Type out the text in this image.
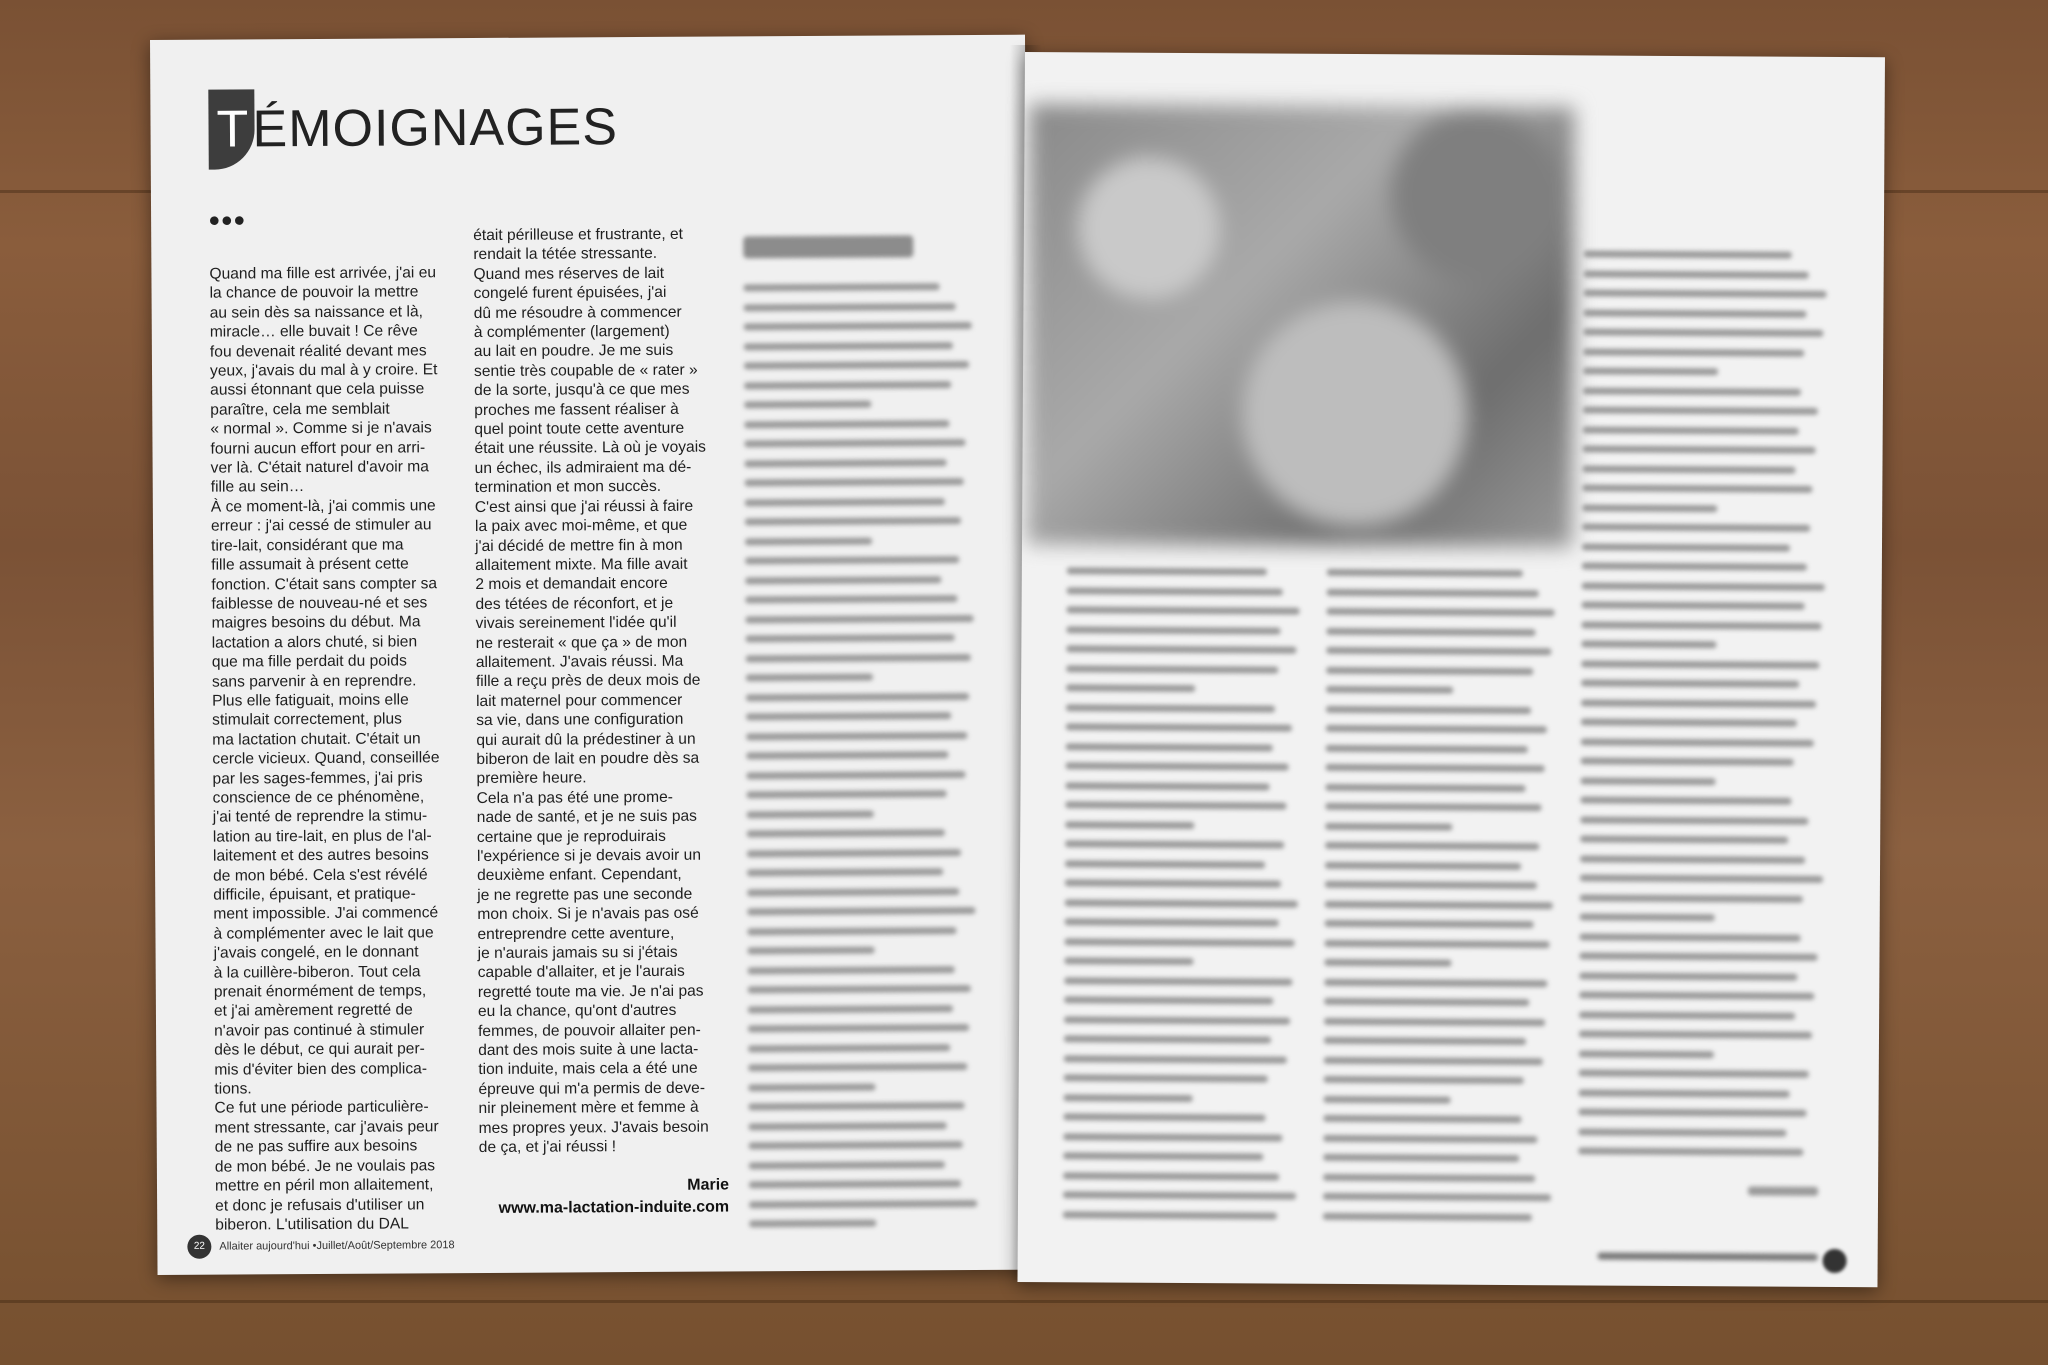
T ÉMOIGNAGES
•••

Quand ma fille est arrivée, j'ai eu

la chance de pouvoir la mettre

au sein dès sa naissance et là,

miracle… elle buvait ! Ce rêve

fou devenait réalité devant mes

yeux, j'avais du mal à y croire. Et

aussi étonnant que cela puisse

paraître, cela me semblait

« normal ». Comme si je n'avais

fourni aucun effort pour en arri-

ver là. C'était naturel d'avoir ma

fille au sein…

À ce moment-là, j'ai commis une

erreur : j'ai cessé de stimuler au

tire-lait, considérant que ma

fille assumait à présent cette

fonction. C'était sans compter sa

faiblesse de nouveau-né et ses

maigres besoins du début. Ma

lactation a alors chuté, si bien

que ma fille perdait du poids

sans parvenir à en reprendre.

Plus elle fatiguait, moins elle

stimulait correctement, plus

ma lactation chutait. C'était un

cercle vicieux. Quand, conseillée

par les sages-femmes, j'ai pris

conscience de ce phénomène,

j'ai tenté de reprendre la stimu-

lation au tire-lait, en plus de l'al-

laitement et des autres besoins

de mon bébé. Cela s'est révélé

difficile, épuisant, et pratique-

ment impossible. J'ai commencé

à complémenter avec le lait que

j'avais congelé, en le donnant

à la cuillère-biberon. Tout cela

prenait énormément de temps,

et j'ai amèrement regretté de

n'avoir pas continué à stimuler

dès le début, ce qui aurait per-

mis d'éviter bien des complica-

tions.

Ce fut une période particulière-

ment stressante, car j'avais peur

de ne pas suffire aux besoins

de mon bébé. Je ne voulais pas

mettre en péril mon allaitement,

et donc je refusais d'utiliser un

biberon. L'utilisation du DAL

était périlleuse et frustrante, et

rendait la tétée stressante.

Quand mes réserves de lait

congelé furent épuisées, j'ai

dû me résoudre à commencer

à complémenter (largement)

au lait en poudre. Je me suis

sentie très coupable de « rater »

de la sorte, jusqu'à ce que mes

proches me fassent réaliser à

quel point toute cette aventure

était une réussite. Là où je voyais

un échec, ils admiraient ma dé-

termination et mon succès.

C'est ainsi que j'ai réussi à faire

la paix avec moi-même, et que

j'ai décidé de mettre fin à mon

allaitement mixte. Ma fille avait

2 mois et demandait encore

des tétées de réconfort, et je

vivais sereinement l'idée qu'il

ne resterait « que ça » de mon

allaitement. J'avais réussi. Ma

fille a reçu près de deux mois de

lait maternel pour commencer

sa vie, dans une configuration

qui aurait dû la prédestiner à un

biberon de lait en poudre dès sa

première heure.

Cela n'a pas été une prome-

nade de santé, et je ne suis pas

certaine que je reproduirais

l'expérience si je devais avoir un

deuxième enfant. Cependant,

je ne regrette pas une seconde

mon choix. Si je n'avais pas osé

entreprendre cette aventure,

je n'aurais jamais su si j'étais

capable d'allaiter, et je l'aurais

regretté toute ma vie. Je n'ai pas

eu la chance, qu'ont d'autres

femmes, de pouvoir allaiter pen-

dant des mois suite à une lacta-

tion induite, mais cela a été une

épreuve qui m'a permis de deve-

nir pleinement mère et femme à

mes propres yeux. J'avais besoin

de ça, et j'ai réussi !

Marie
www.ma-lactation-induite.com
22	Allaiter aujourd'hui •Juillet/Août/Septembre 2018
